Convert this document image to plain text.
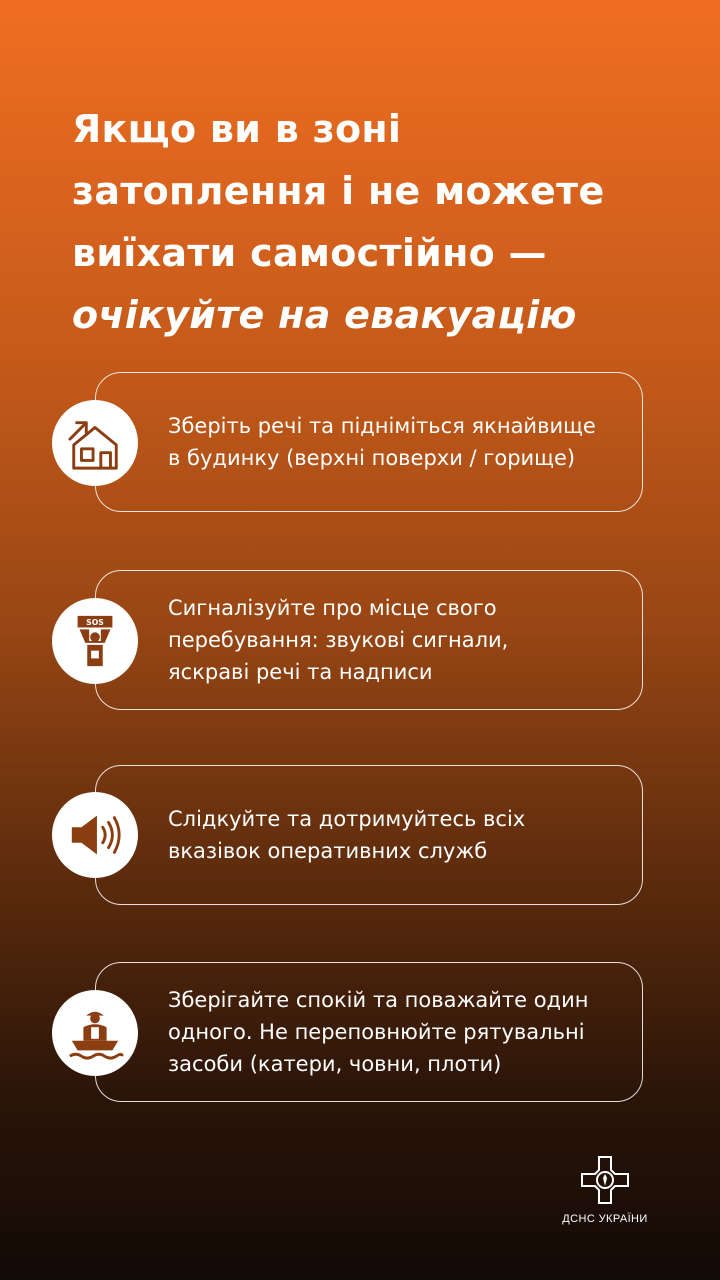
Якщо ви в зоні
затоплення і не можете
виїхати самостійно —
очікуйте на евакуацію
Зберіть речі та підніміться якнайвище
в будинку (верхні поверхи / горище)
Сигналізуйте про місце свого
перебування: звукові сигнали,
яскраві речі та надписи
SOS
Слідкуйте та дотримуйтесь всіх
вказівок оперативних служб
Зберігайте спокій та поважайте один
одного. Не переповнюйте рятувальні
засоби (катери, човни, плоти)
ДСНС УКРАЇНИ
